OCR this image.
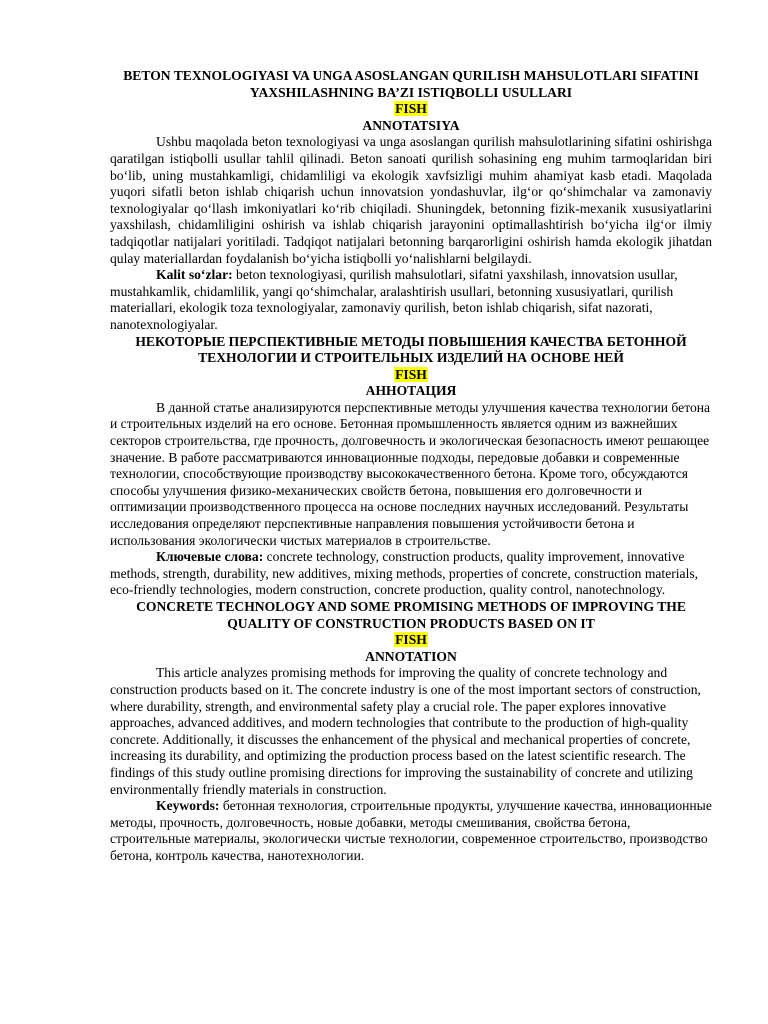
BETON TEXNOLOGIYASI VA UNGA ASOSLANGAN QURILISH MAHSULOTLARI SIFATINI YAXSHILASHNING BA’ZI ISTIQBOLLI USULLARI

FISH

ANNOTATSIYA

Ushbu maqolada beton texnologiyasi va unga asoslangan qurilish mahsulotlarining sifatini oshirishga qaratilgan istiqbolli usullar tahlil qilinadi. Beton sanoati qurilish sohasining eng muhim tarmoqlaridan biri bo‘lib, uning mustahkamligi, chidamliligi va ekologik xavfsizligi muhim ahamiyat kasb etadi. Maqolada yuqori sifatli beton ishlab chiqarish uchun innovatsion yondashuvlar, ilg‘or qo‘shimchalar va zamonaviy texnologiyalar qo‘llash imkoniyatlari ko‘rib chiqiladi. Shuningdek, betonning fizik-mexanik xususiyatlarini yaxshilash, chidamliligini oshirish va ishlab chiqarish jarayonini optimallashtirish bo‘yicha ilg‘or ilmiy tadqiqotlar natijalari yoritiladi. Tadqiqot natijalari betonning barqarorligini oshirish hamda ekologik jihatdan qulay materiallardan foydalanish bo‘yicha istiqbolli yo‘nalishlarni belgilaydi.

Kalit so‘zlar: beton texnologiyasi, qurilish mahsulotlari, sifatni yaxshilash, innovatsion usullar, mustahkamlik, chidamlilik, yangi qo‘shimchalar, aralashtirish usullari, betonning xususiyatlari, qurilish materiallari, ekologik toza texnologiyalar, zamonaviy qurilish, beton ishlab chiqarish, sifat nazorati, nanotexnologiyalar.

НЕКОТОРЫЕ ПЕРСПЕКТИВНЫЕ МЕТОДЫ ПОВЫШЕНИЯ КАЧЕСТВА БЕТОННОЙ ТЕХНОЛОГИИ И СТРОИТЕЛЬНЫХ ИЗДЕЛИЙ НА ОСНОВЕ НЕЙ

FISH

АННОТАЦИЯ

В данной статье анализируются перспективные методы улучшения качества технологии бетона и строительных изделий на его основе. Бетонная промышленность является одним из важнейших секторов строительства, где прочность, долговечность и экологическая безопасность имеют решающее значение. В работе рассматриваются инновационные подходы, передовые добавки и современные технологии, способствующие производству высококачественного бетона. Кроме того, обсуждаются способы улучшения физико-механических свойств бетона, повышения его долговечности и оптимизации производственного процесса на основе последних научных исследований. Результаты исследования определяют перспективные направления повышения устойчивости бетона и использования экологически чистых материалов в строительстве.

Ключевые слова: concrete technology, construction products, quality improvement, innovative methods, strength, durability, new additives, mixing methods, properties of concrete, construction materials, eco-friendly technologies, modern construction, concrete production, quality control, nanotechnology.

CONCRETE TECHNOLOGY AND SOME PROMISING METHODS OF IMPROVING THE QUALITY OF CONSTRUCTION PRODUCTS BASED ON IT

FISH

ANNOTATION

This article analyzes promising methods for improving the quality of concrete technology and construction products based on it. The concrete industry is one of the most important sectors of construction, where durability, strength, and environmental safety play a crucial role. The paper explores innovative approaches, advanced additives, and modern technologies that contribute to the production of high-quality concrete. Additionally, it discusses the enhancement of the physical and mechanical properties of concrete, increasing its durability, and optimizing the production process based on the latest scientific research. The findings of this study outline promising directions for improving the sustainability of concrete and utilizing environmentally friendly materials in construction.

Keywords: бетонная технология, строительные продукты, улучшение качества, инновационные методы, прочность, долговечность, новые добавки, методы смешивания, свойства бетона, строительные материалы, экологически чистые технологии, современное строительство, производство бетона, контроль качества, нанотехнологии.
